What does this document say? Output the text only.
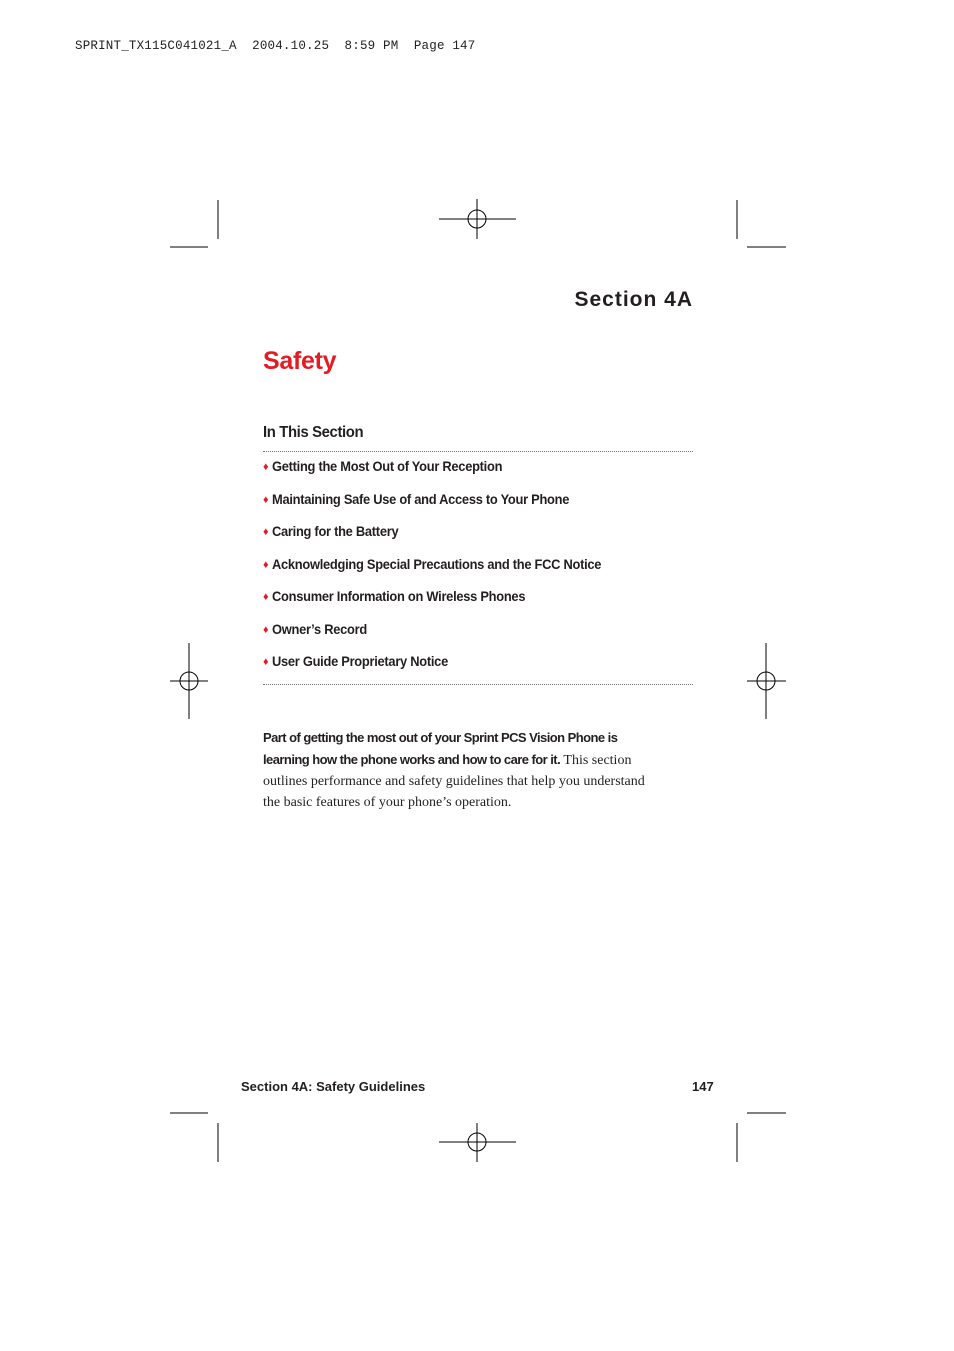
SPRINT_TX115C041021_A  2004.10.25  8:59 PM  Page 147
Section 4A
Safety
In This Section
♦ Getting the Most Out of Your Reception
♦ Maintaining Safe Use of and Access to Your Phone
♦ Caring for the Battery
♦ Acknowledging Special Precautions and the FCC Notice
♦ Consumer Information on Wireless Phones
♦ Owner’s Record
♦ User Guide Proprietary Notice

Part of getting the most out of your Sprint PCS Vision Phone is learning how the phone works and how to care for it. This section outlines performance and safety guidelines that help you understand the basic features of your phone’s operation.

Section 4A: Safety Guidelines	147
